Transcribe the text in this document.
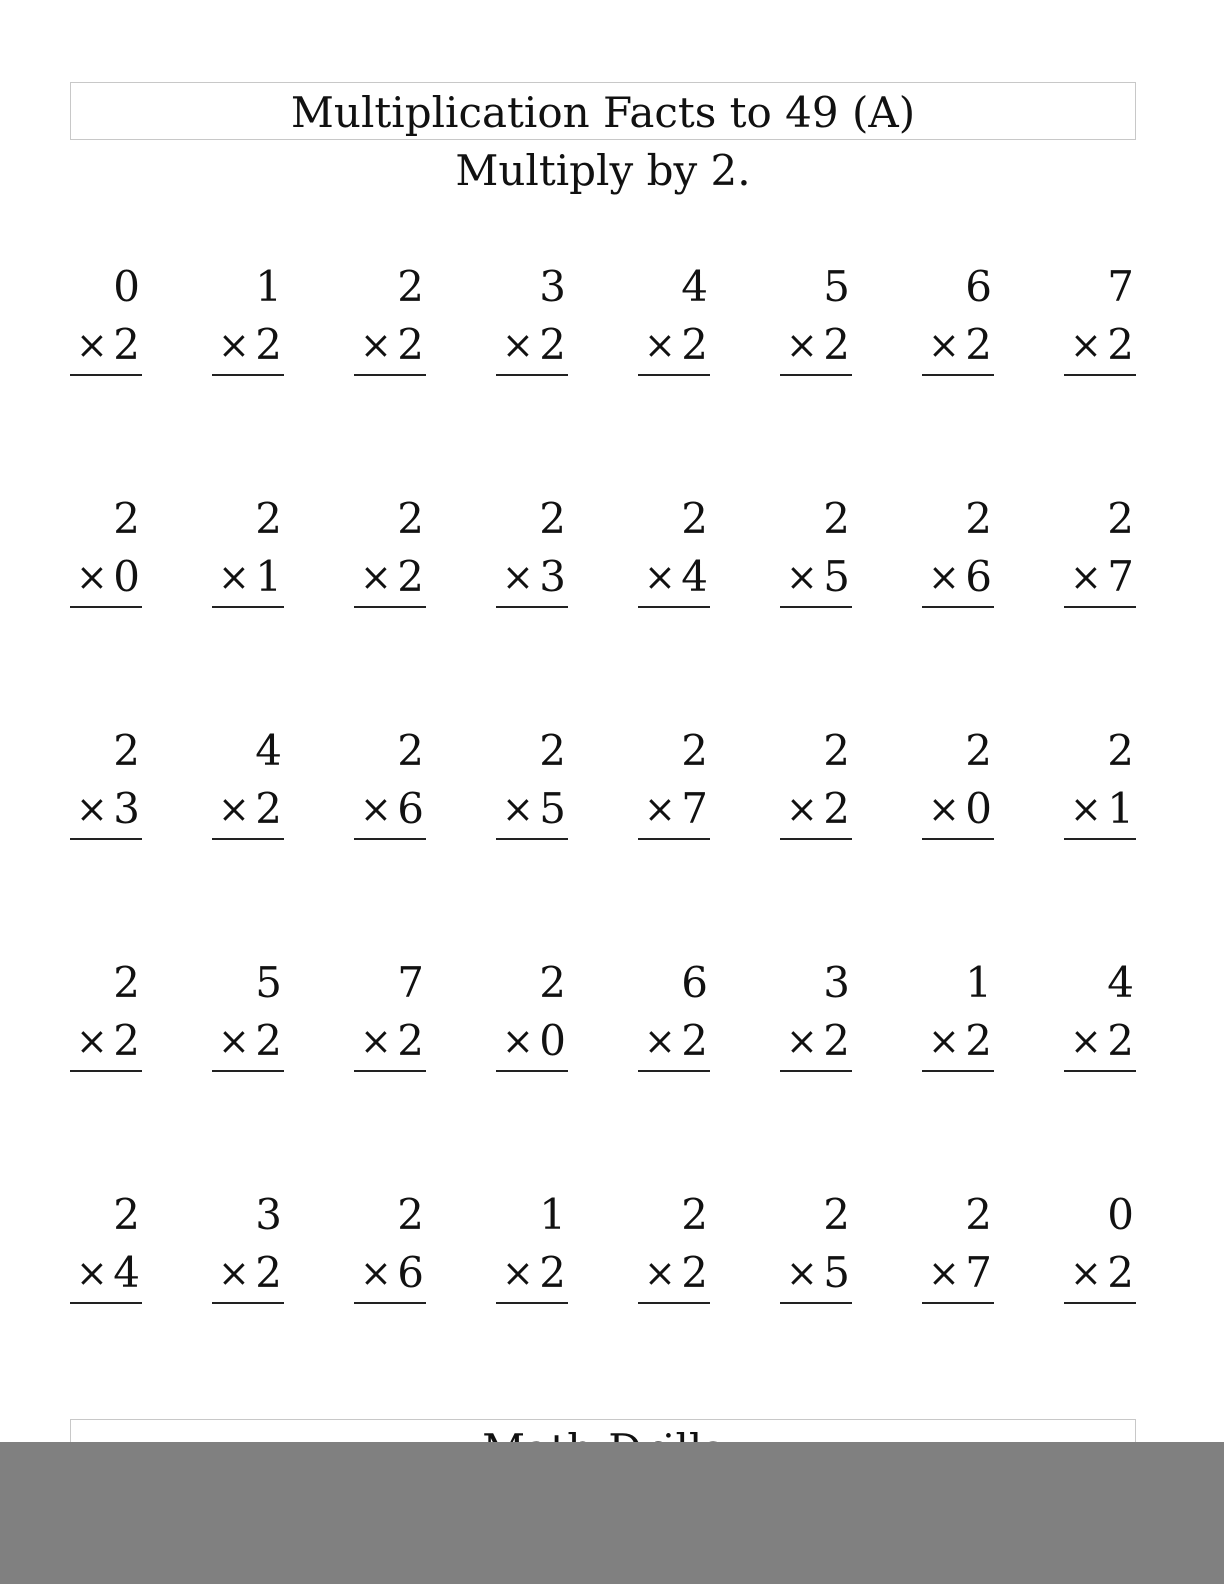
Multiplication Facts to 49 (A)
Multiply by 2.
0
× 2
1
× 2
2
× 2
3
× 2
4
× 2
5
× 2
6
× 2
7
× 2
2
× 0
2
× 1
2
× 2
2
× 3
2
× 4
2
× 5
2
× 6
2
× 7
2
× 3
4
× 2
2
× 6
2
× 5
2
× 7
2
× 2
2
× 0
2
× 1
2
× 2
5
× 2
7
× 2
2
× 0
6
× 2
3
× 2
1
× 2
4
× 2
2
× 4
3
× 2
2
× 6
1
× 2
2
× 2
2
× 5
2
× 7
0
× 2
